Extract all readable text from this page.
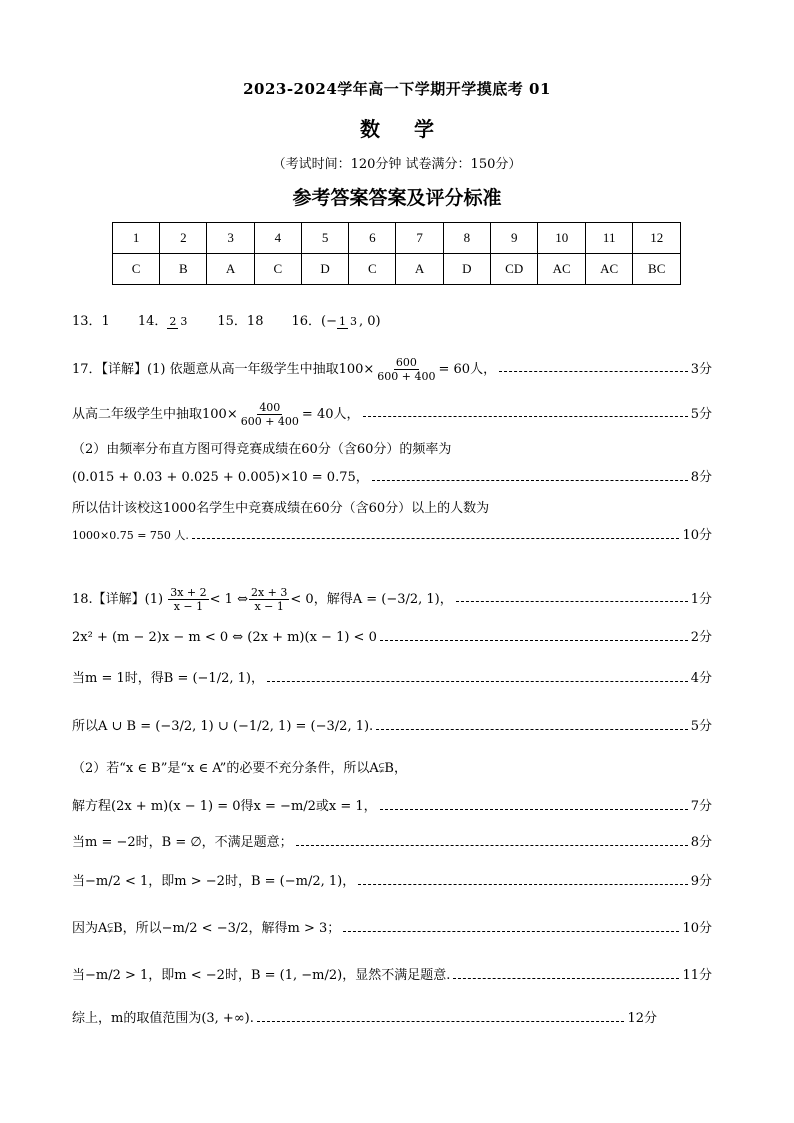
2023-2024学年高一下学期开学摸底考 01
数 学
（考试时间：120分钟 试卷满分：150分）
参考答案答案及评分标准
1	2	3	4	5	6	7	8	9	10	11	12
C	B	A	C	D	C	A	D	CD	AC	AC	BC
13．1 14． 2 3 15．18 16．(− 1 3 , 0)
17．【详解】(1) 依题意从高一年级学生中抽取$100\times \frac{600}{600 + 400} = 60$人，	3分
从高二年级学生中抽取$100\times \frac{400}{600 + 400} = 40$人，	5分
（2）由频率分布直方图可得竞赛成绩在60分（含60分）的频率为
(0.015 + 0.03 + 0.025 + 0.005)×10 = 0.75，	8分
所以估计该校这1000名学生中竞赛成绩在60分（含60分）以上的人数为
1000×0.75 = 750 人.	10分
18.【详解】$(1) \frac{3x + 2}{x - 1} < 1$ ⇔ $\frac{2x + 3}{x - 1} < 0$，解得A = (−3/2, 1)，	1分
2x² + (m − 2)x − m < 0 ⇔ (2x + m)(x − 1) < 0	2分
当m = 1时，得B = (−1/2, 1)，	4分
所以A ∪ B = (−3/2, 1) ∪ (−1/2, 1) = (−3/2, 1).	5分
（2）若“x ∈ B”是“x ∈ A”的必要不充分条件，所以A⫋B，
解方程(2x + m)(x − 1) = 0得x = −m/2或x = 1，	7分
当m = −2时，B = ∅，不满足题意；	8分
当−m/2 < 1，即m > −2时，B = (−m/2, 1)，	9分
因为A⫋B，所以−m/2 < −3/2，解得m > 3；	10分
当−m/2 > 1，即m < −2时，B = (1, −m/2)，显然不满足题意.	11分
综上，m的取值范围为(3, +∞).	12分
